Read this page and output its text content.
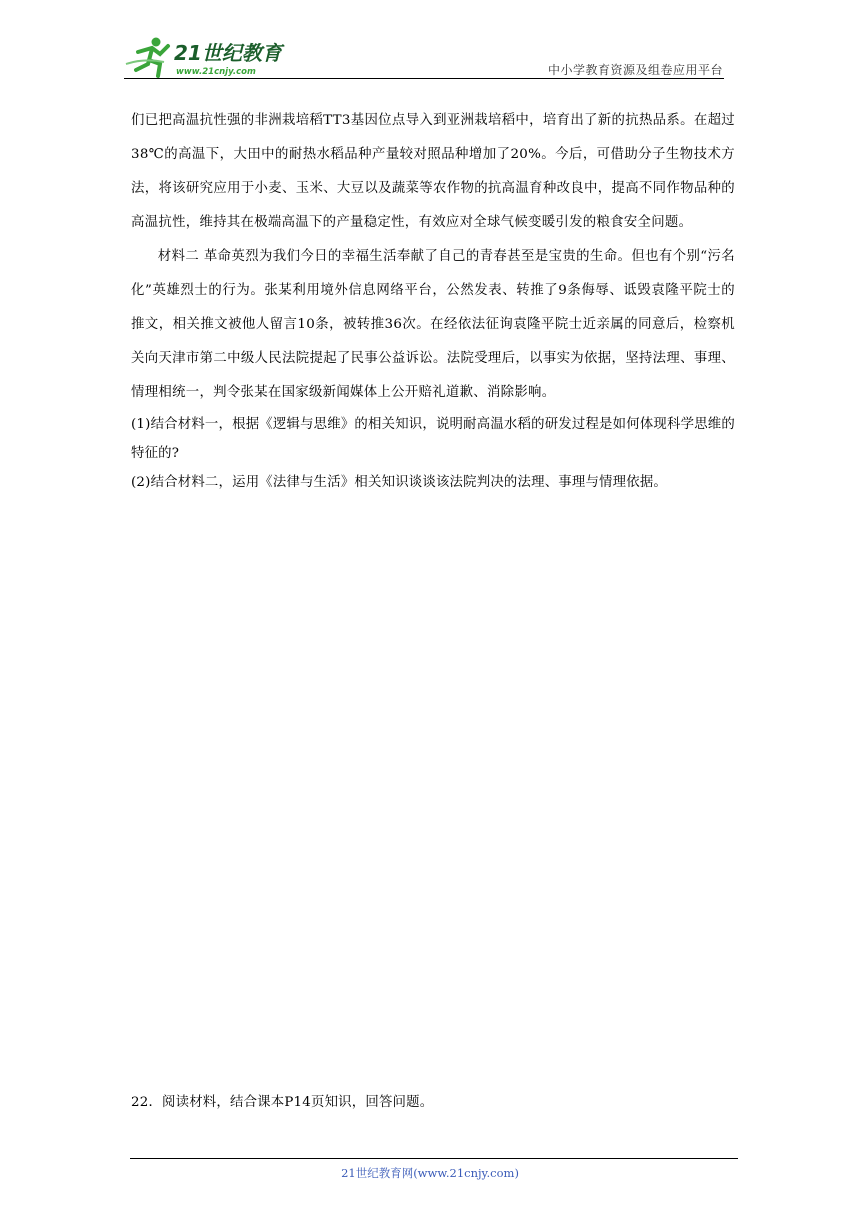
21世纪教育
www.21cnjy.com	中小学教育资源及组卷应用平台

们已把高温抗性强的非洲栽培稻TT3基因位点导入到亚洲栽培稻中，培育出了新的抗热品系。在超过38℃的高温下，大田中的耐热水稻品种产量较对照品种增加了20%。今后，可借助分子生物技术方法，将该研究应用于小麦、玉米、大豆以及蔬菜等农作物的抗高温育种改良中，提高不同作物品种的高温抗性，维持其在极端高温下的产量稳定性，有效应对全球气候变暖引发的粮食安全问题。

材料二 革命英烈为我们今日的幸福生活奉献了自己的青春甚至是宝贵的生命。但也有个别“污名化”英雄烈士的行为。张某利用境外信息网络平台，公然发表、转推了9条侮辱、诋毁袁隆平院士的推文，相关推文被他人留言10条，被转推36次。在经依法征询袁隆平院士近亲属的同意后，检察机关向天津市第二中级人民法院提起了民事公益诉讼。法院受理后，以事实为依据，坚持法理、事理、情理相统一，判令张某在国家级新闻媒体上公开赔礼道歉、消除影响。

(1)结合材料一，根据《逻辑与思维》的相关知识，说明耐高温水稻的研发过程是如何体现科学思维的特征的?

(2)结合材料二，运用《法律与生活》相关知识谈谈该法院判决的法理、事理与情理依据。

22．阅读材料，结合课本P14页知识，回答问题。
21世纪教育网(www.21cnjy.com)
